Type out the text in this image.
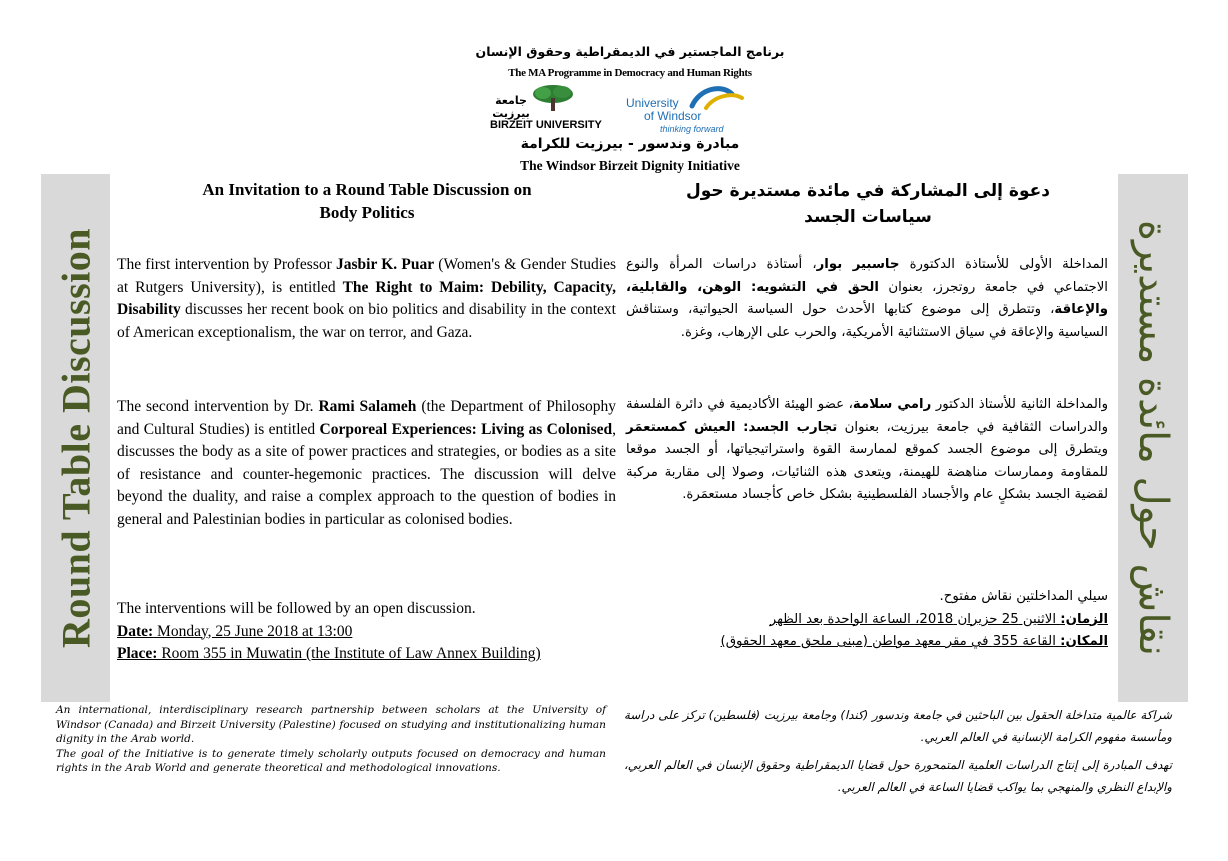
برنامج الماجستير في الديمقراطية وحقوق الإنسان
The MA Programme in Democracy and Human Rights
جامعة بيرزيت
BIRZEIT UNIVERSITY
University
of Windsor
thinking forward
مبادرة وندسور - بيرزيت للكرامة
The Windsor Birzeit Dignity Initiative
Round Table Discussion	نقاش حول مائدة مستديرة
An Invitation to a Round Table Discussion on
Body Politics
دعوة إلى المشاركة في مائدة مستديرة حول
سياسات الجسد
The first intervention by Professor Jasbir K. Puar (Women's & Gender Studies at Rutgers University), is entitled The Right to Maim: Debility, Capacity, Disability discusses her recent book on bio politics and disability in the context of American exceptionalism, the war on terror, and Gaza.
The second intervention by Dr. Rami Salameh (the Department of Philosophy and Cultural Studies) is entitled Corporeal Experiences: Living as Colonised, discusses the body as a site of power practices and strategies, or bodies as a site of resistance and counter-hegemonic practices. The discussion will delve beyond the duality, and raise a complex approach to the question of bodies in general and Palestinian bodies in particular as colonised bodies.
The interventions will be followed by an open discussion.
Date: Monday, 25 June 2018 at 13:00
Place: Room 355 in Muwatin (the Institute of Law Annex Building)
المداخلة الأولى للأستاذة الدكتورة جاسبير بوار، أستاذة دراسات المرأة والنوع الاجتماعي في جامعة روتجرز، بعنوان الحق في التشويه: الوهن، والقابلية، والإعاقة، وتتطرق إلى موضوع كتابها الأحدث حول السياسة الحيواتية، وستناقش السياسية والإعاقة في سياق الاستثنائية الأمريكية، والحرب على الإرهاب، وغزة.
والمداخلة الثانية للأستاذ الدكتور رامي سلامة، عضو الهيئة الأكاديمية في دائرة الفلسفة والدراسات الثقافية في جامعة بيرزيت، بعنوان تجارب الجسد: العيش كمستعمَر ويتطرق إلى موضوع الجسد كموقع لممارسة القوة واستراتيجياتها، أو الجسد موقعا للمقاومة وممارسات مناهضة للهيمنة، ويتعدى هذه الثنائيات، وصولا إلى مقاربة مركبة لقضية الجسد بشكلٍ عام والأجساد الفلسطينية بشكل خاص كأجساد مستعمَرة.
سيلي المداخلتين نقاش مفتوح.
الزمان: الاثنين 25 حزيران 2018، الساعة الواحدة بعد الظهر
المكان: القاعة 355 في مقر معهد مواطن (مبنى ملحق معهد الحقوق)
An international, interdisciplinary research partnership between scholars at the University of Windsor (Canada) and Birzeit University (Palestine) focused on studying and institutionalizing human dignity in the Arab world.
The goal of the Initiative is to generate timely scholarly outputs focused on democracy and human rights in the Arab World and generate theoretical and methodological innovations.
شراكة عالمية متداخلة الحقول بين الباحثين في جامعة وندسور (كندا) وجامعة بيرزيت (فلسطين) تركز على دراسة ومأسسة مفهوم الكرامة الإنسانية في العالم العربي.
تهدف المبادرة إلى إنتاج الدراسات العلمية المتمحورة حول قضايا الديمقراطية وحقوق الإنسان في العالم العربي، والإبداع النظري والمنهجي بما يواكب قضايا الساعة في العالم العربي.
